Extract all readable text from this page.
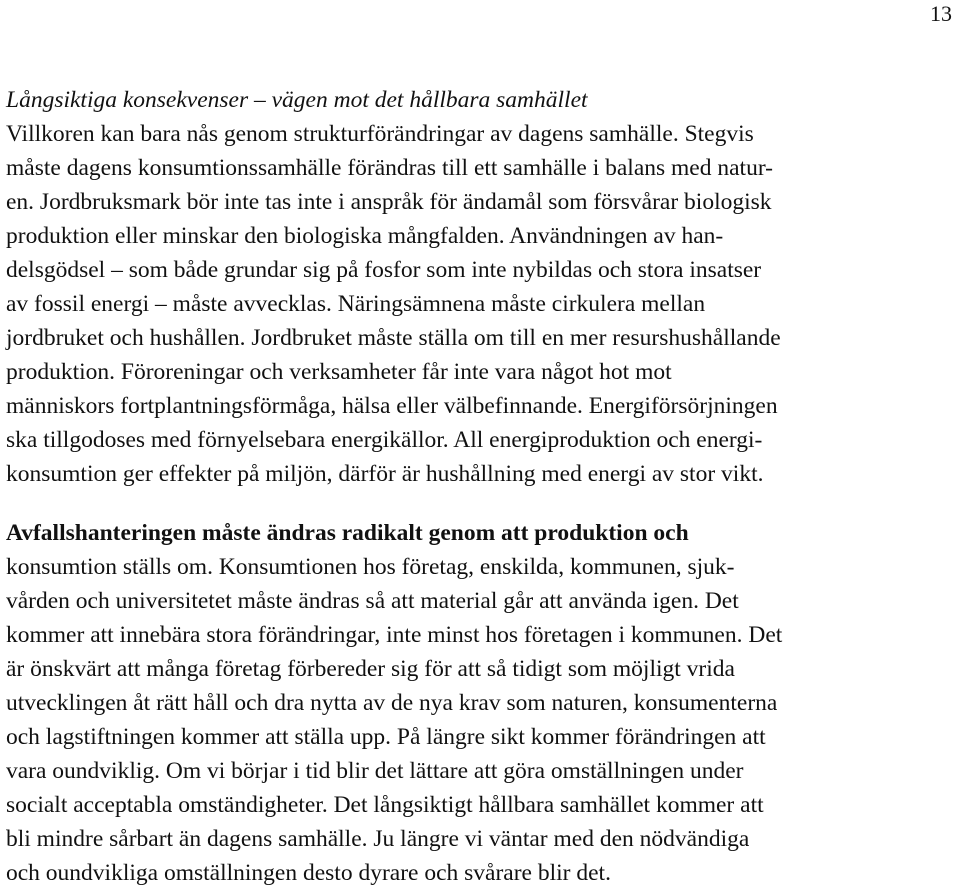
13
Långsiktiga konsekvenser – vägen mot det hållbara samhället
Villkoren kan bara nås genom strukturförändringar av dagens samhälle. Stegvis
måste dagens konsumtionssamhälle förändras till ett samhälle i balans med natur-
en. Jordbruksmark bör inte tas inte i anspråk för ändamål som försvårar biologisk
produktion eller minskar den biologiska mångfalden. Användningen av han-
delsgödsel – som både grundar sig på fosfor som inte nybildas och stora insatser
av fossil energi – måste avvecklas. Näringsämnena måste cirkulera mellan
jordbruket och hushållen. Jordbruket måste ställa om till en mer resurshushållande
produktion. Föroreningar och verksamheter får inte vara något hot mot
människors fortplantningsförmåga, hälsa eller välbefinnande. Energiförsörjningen
ska tillgodoses med förnyelsebara energikällor. All energiproduktion och energi-
konsumtion ger effekter på miljön, därför är hushållning med energi av stor vikt.
Avfallshanteringen måste ändras radikalt genom att produktion och
konsumtion ställs om. Konsumtionen hos företag, enskilda, kommunen, sjuk-
vården och universitetet måste ändras så att material går att använda igen. Det
kommer att innebära stora förändringar, inte minst hos företagen i kommunen. Det
är önskvärt att många företag förbereder sig för att så tidigt som möjligt vrida
utvecklingen åt rätt håll och dra nytta av de nya krav som naturen, konsumenterna
och lagstiftningen kommer att ställa upp. På längre sikt kommer förändringen att
vara oundviklig. Om vi börjar i tid blir det lättare att göra omställningen under
socialt acceptabla omständigheter. Det långsiktigt hållbara samhället kommer att
bli mindre sårbart än dagens samhälle. Ju längre vi väntar med den nödvändiga
och oundvikliga omställningen desto dyrare och svårare blir det.
